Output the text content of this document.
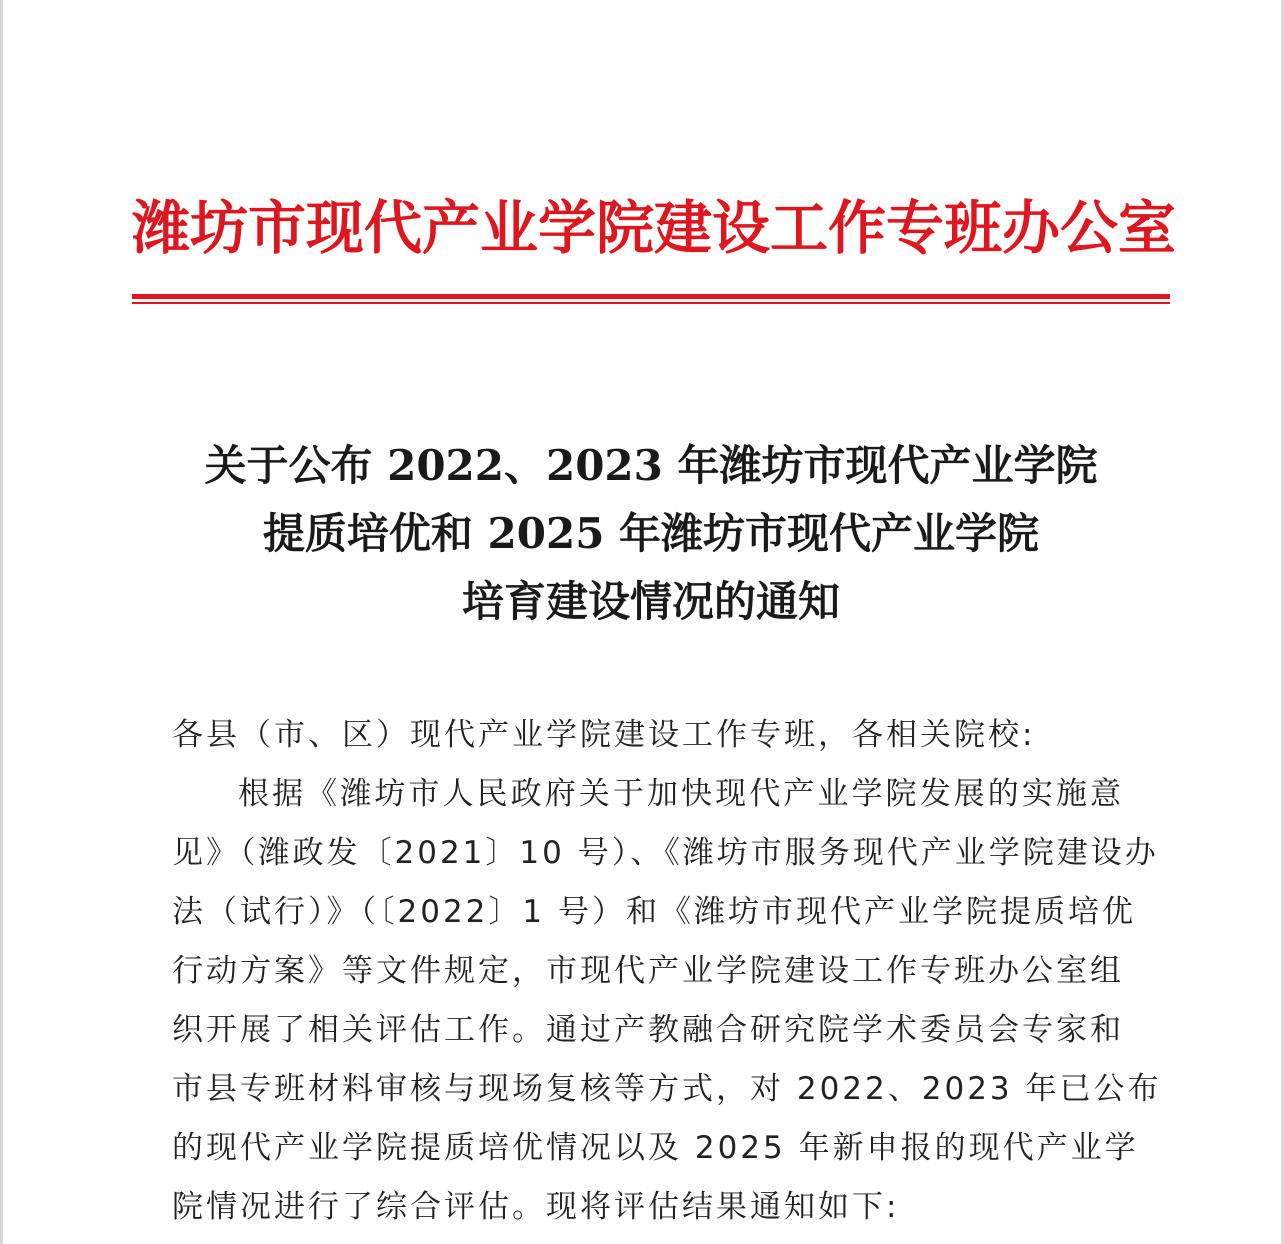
潍坊市现代产业学院建设工作专班办公室
关于公布 2022、2023 年潍坊市现代产业学院
提质培优和 2025 年潍坊市现代产业学院
培育建设情况的通知
各县（市、区）现代产业学院建设工作专班，各相关院校:
根据《潍坊市人民政府关于加快现代产业学院发展的实施意
见》（潍政发〔2021〕10 号）、《潍坊市服务现代产业学院建设办
法（试行）》（〔2022〕1 号）和《潍坊市现代产业学院提质培优
行动方案》等文件规定，市现代产业学院建设工作专班办公室组
织开展了相关评估工作。通过产教融合研究院学术委员会专家和
市县专班材料审核与现场复核等方式，对 2022、2023 年已公布
的现代产业学院提质培优情况以及 2025 年新申报的现代产业学
院情况进行了综合评估。现将评估结果通知如下:
